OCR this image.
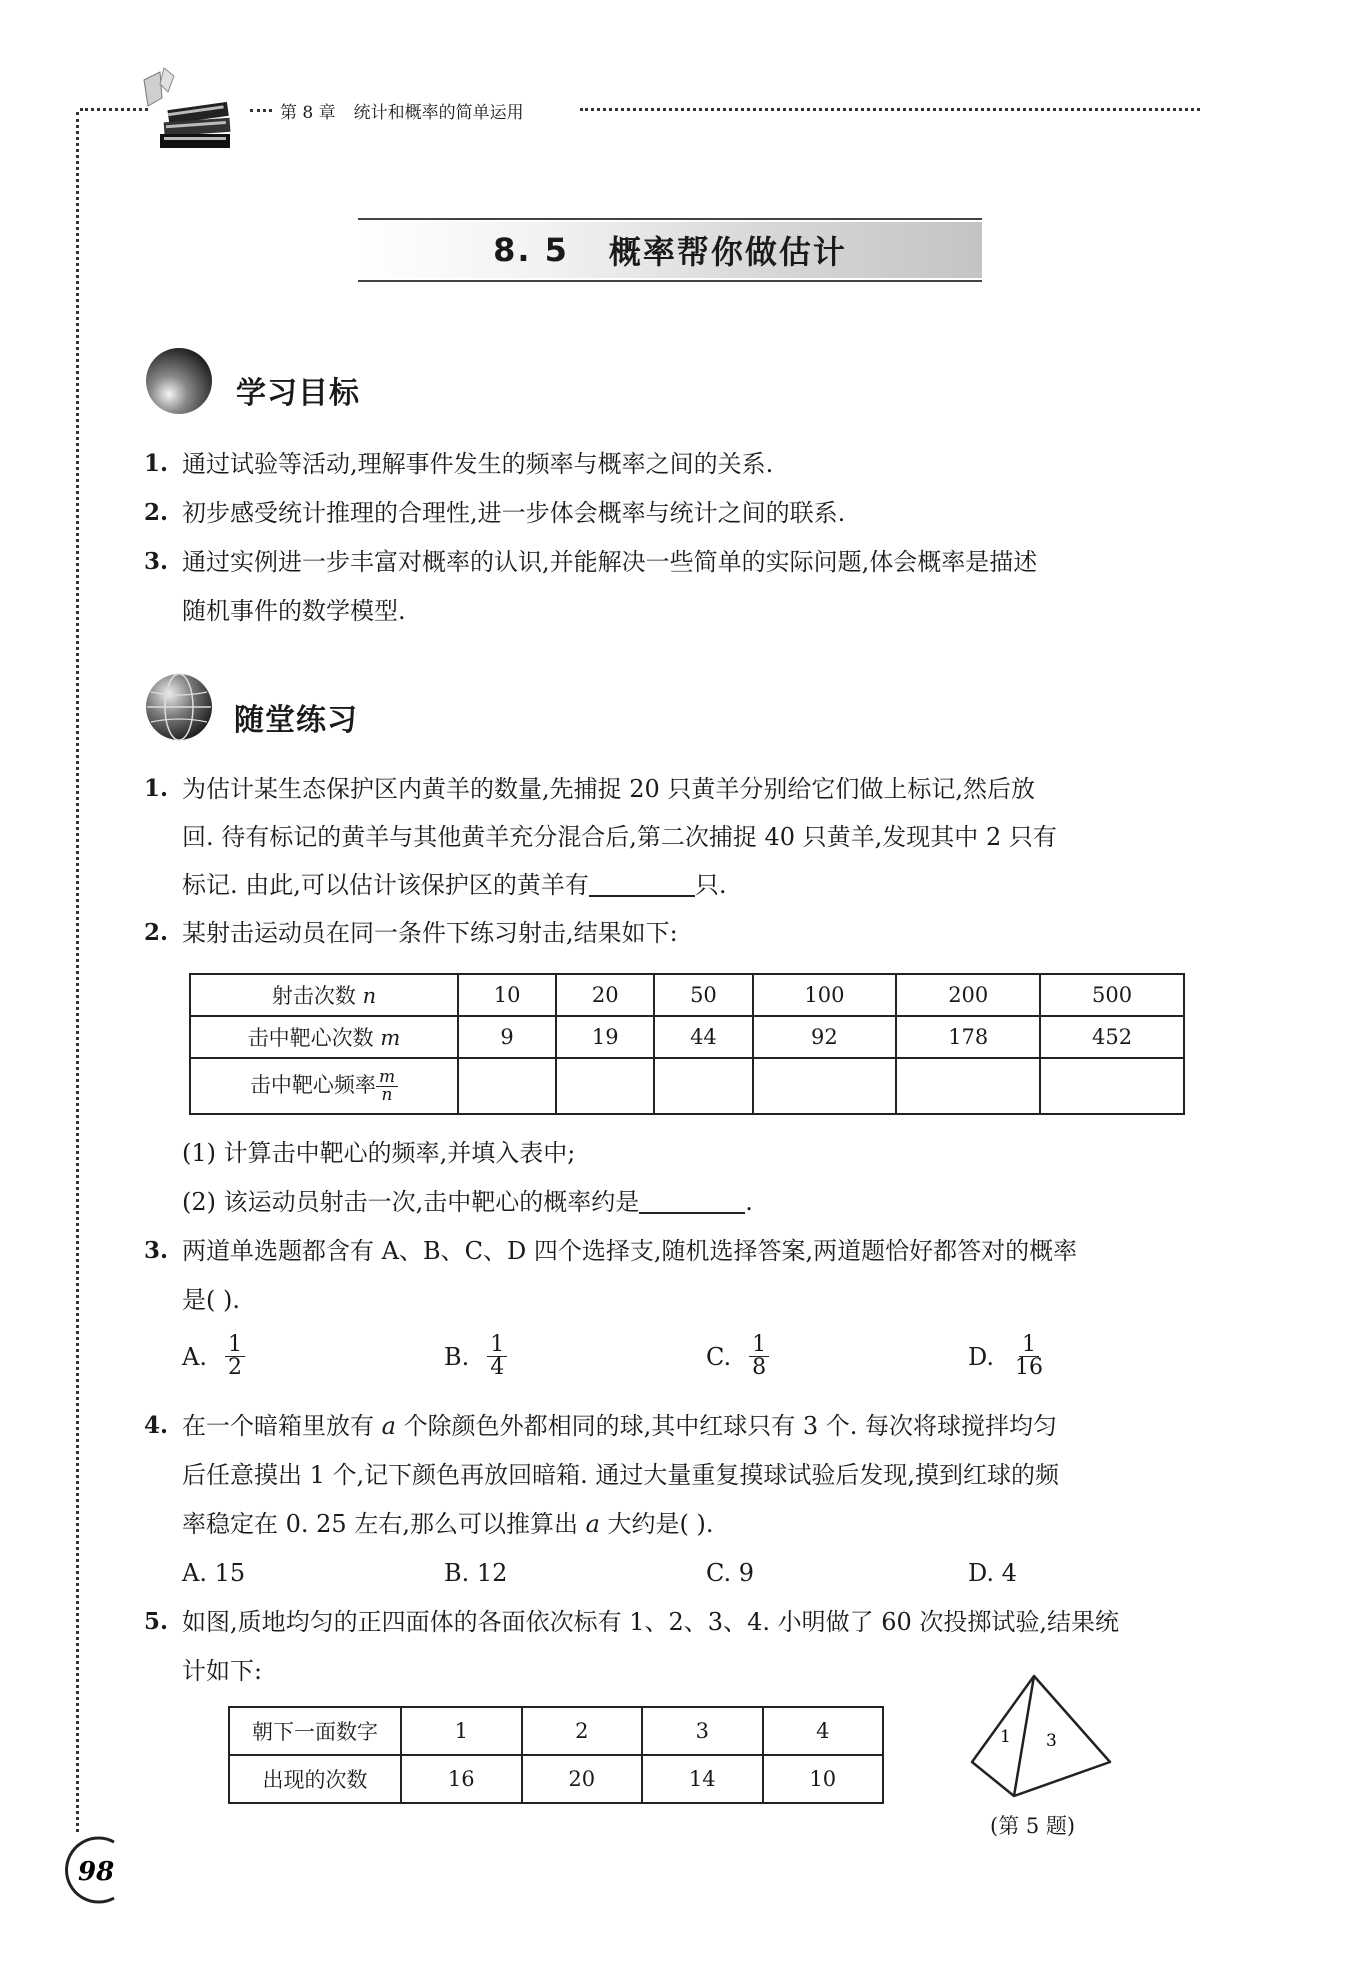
第 8 章 统计和概率的简单运用
8. 5 概率帮你做估计
学习目标
1. 通过试验等活动,理解事件发生的频率与概率之间的关系.
2. 初步感受统计推理的合理性,进一步体会概率与统计之间的联系.
3. 通过实例进一步丰富对概率的认识,并能解决一些简单的实际问题,体会概率是描述
随机事件的数学模型.
随堂练习
1. 为估计某生态保护区内黄羊的数量,先捕捉 20 只黄羊分别给它们做上标记,然后放
回. 待有标记的黄羊与其他黄羊充分混合后,第二次捕捉 40 只黄羊,发现其中 2 只有
标记. 由此,可以估计该保护区的黄羊有	只.
2. 某射击运动员在同一条件下练习射击,结果如下:
射击次数 n	10	20	50	100	200	500
击中靶心次数 m	9	19	44	92	178	452
击中靶心频率 $\frac{m}{n}$

(1) 计算击中靶心的频率,并填入表中;
(2) 该运动员射击一次,击中靶心的概率约是	.
3. 两道单选题都含有 A、B、C、D 四个选择支,随机选择答案,两道题恰好都答对的概率
是( ).
A. $\frac{1}{2}$	B. $\frac{1}{4}$	C. $\frac{1}{8}$	D. $\frac{1}{16}$
4. 在一个暗箱里放有 a 个除颜色外都相同的球,其中红球只有 3 个. 每次将球搅拌均匀
后任意摸出 1 个,记下颜色再放回暗箱. 通过大量重复摸球试验后发现,摸到红球的频
率稳定在 0. 25 左右,那么可以推算出 a 大约是( ).
A. 15	B. 12	C. 9	D. 4
5. 如图,质地均匀的正四面体的各面依次标有 1、2、3、4. 小明做了 60 次投掷试验,结果统
计如下:
朝下一面数字	1	2	3	4
出现的次数	16	20	14	10
1 3
(第 5 题)
98
